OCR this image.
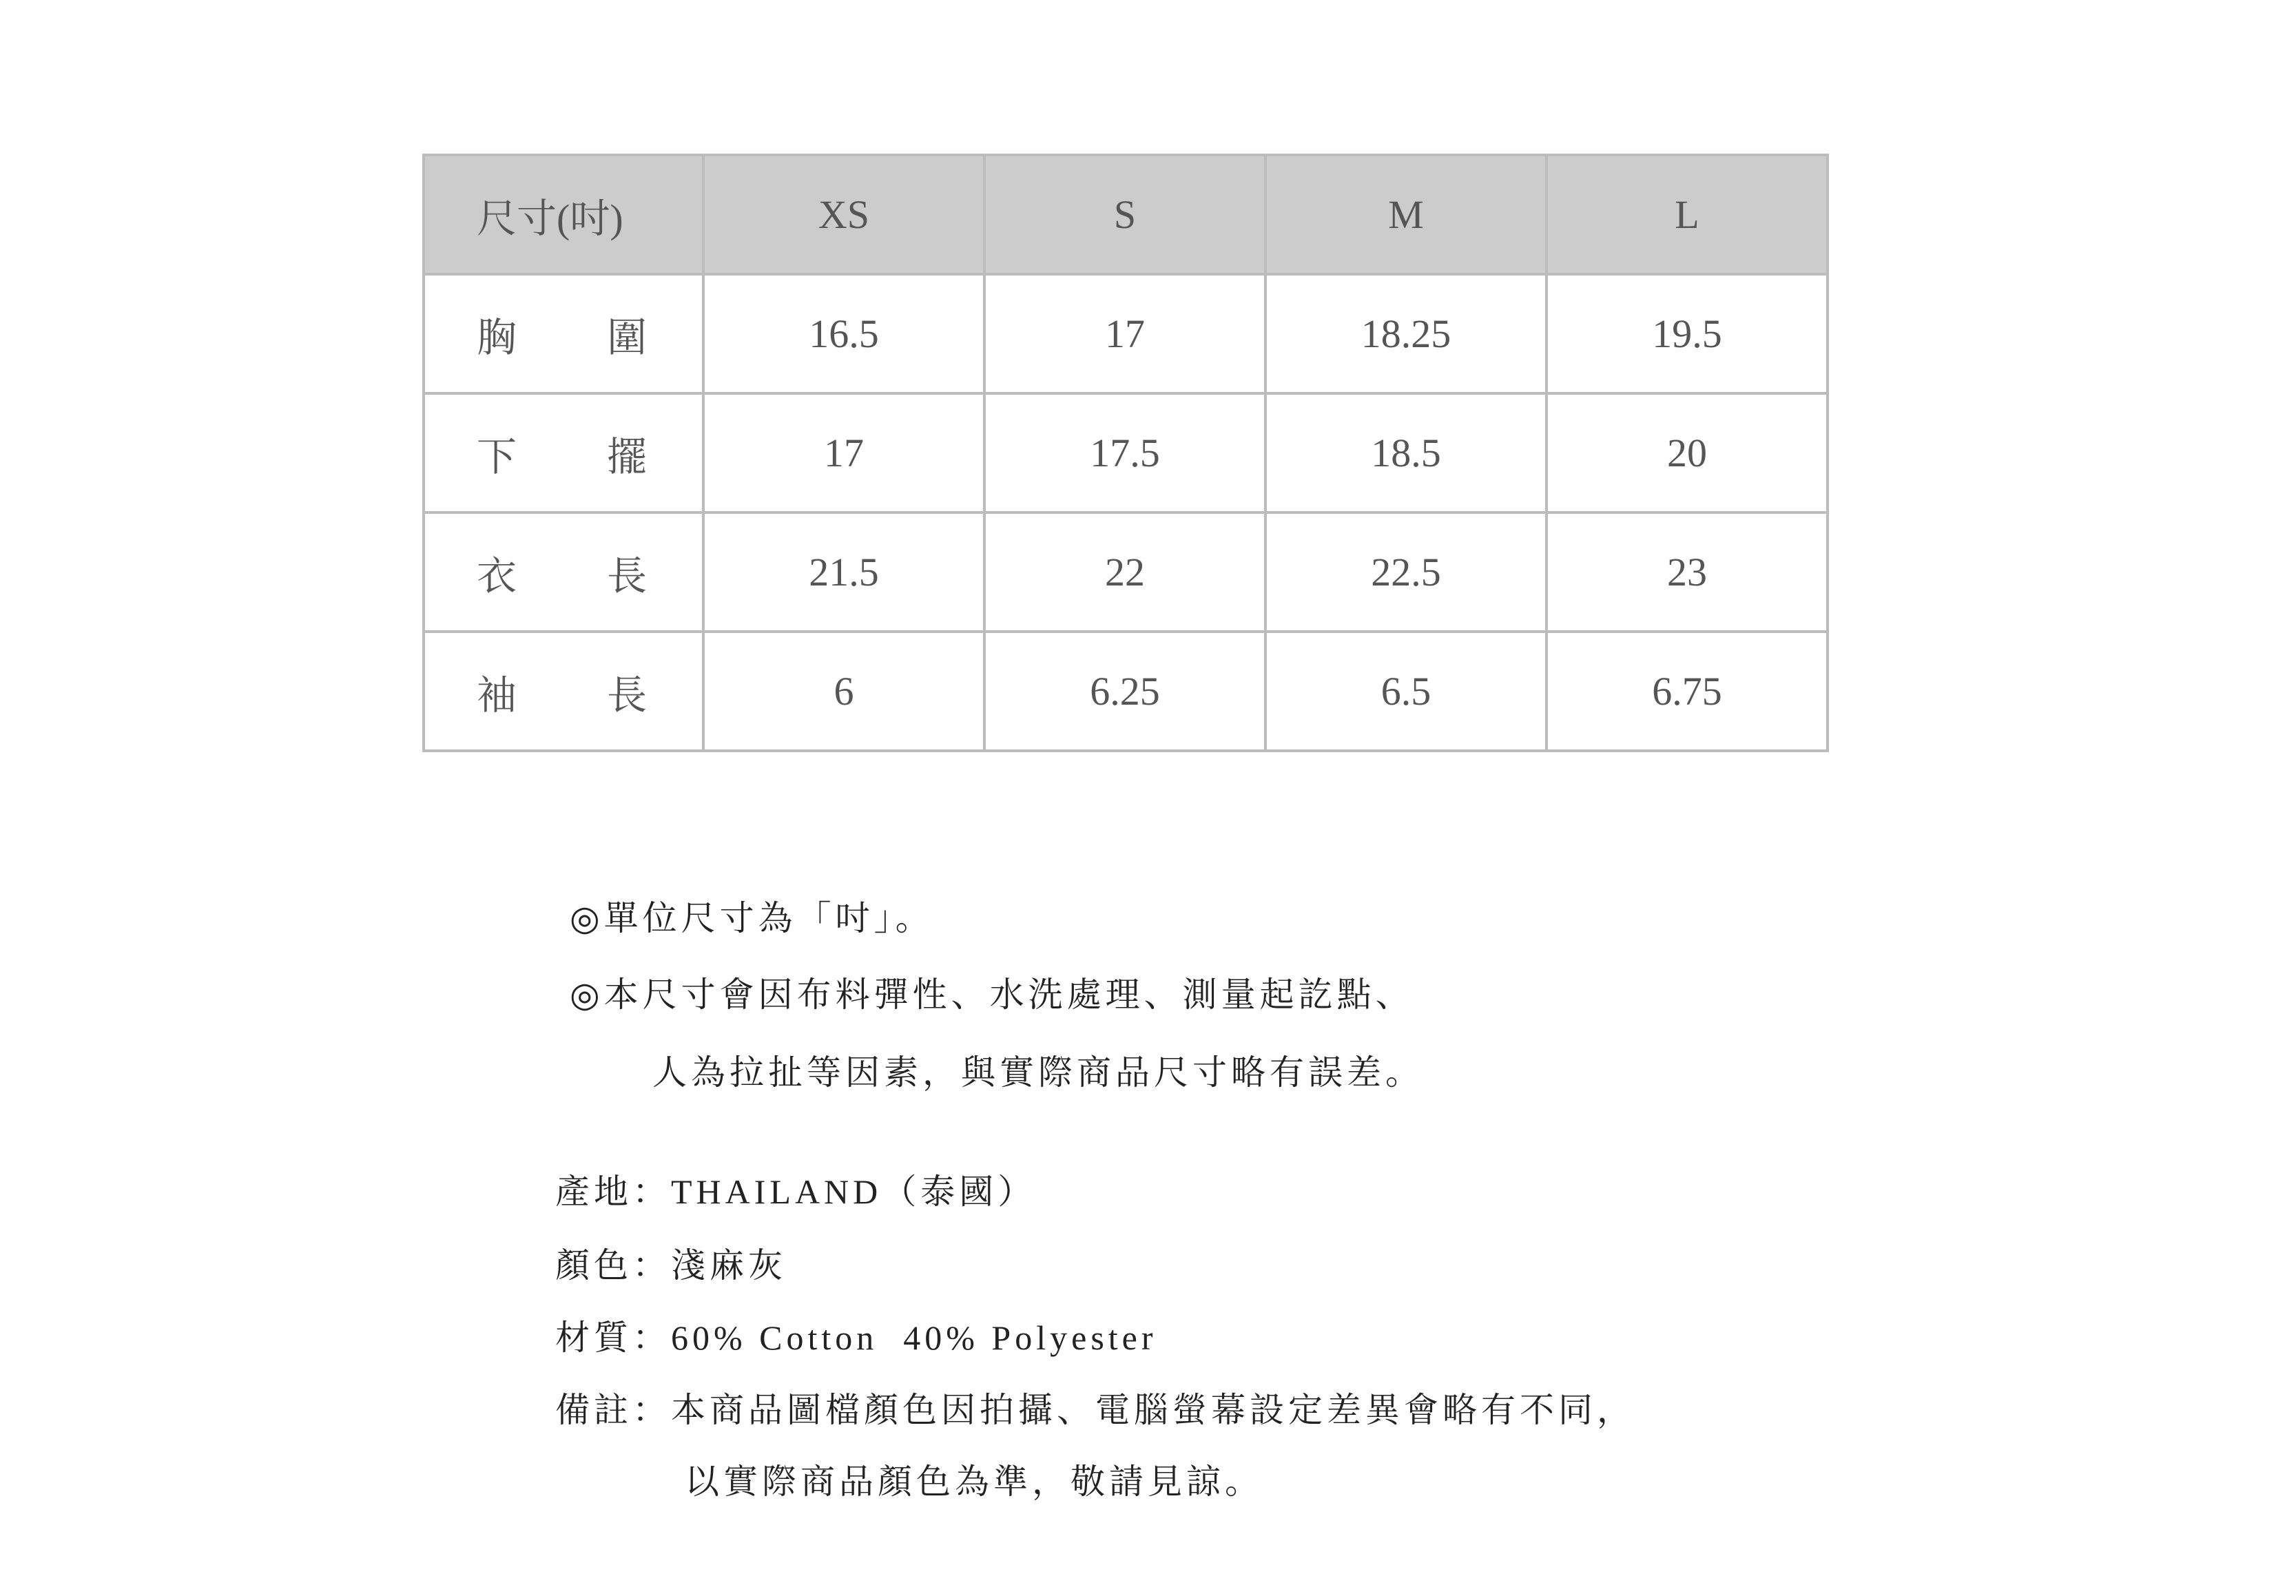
尺寸(吋)	XS	S	M	L

胸 圍	16.5	17	18.25	19.5

下 擺	17	17.5	18.5	20

衣 長	21.5	22	22.5	23

袖 長	6	6.25	6.5	6.75
◎單位尺寸為「吋」。
◎本尺寸會因布料彈性、水洗處理、測量起訖點、
人為拉扯等因素，與實際商品尺寸略有誤差。
產地：THAILAND（泰國）
顏色：淺麻灰
材質：60% Cotton  40% Polyester
備註：本商品圖檔顏色因拍攝、電腦螢幕設定差異會略有不同，
以實際商品顏色為準，敬請見諒。
